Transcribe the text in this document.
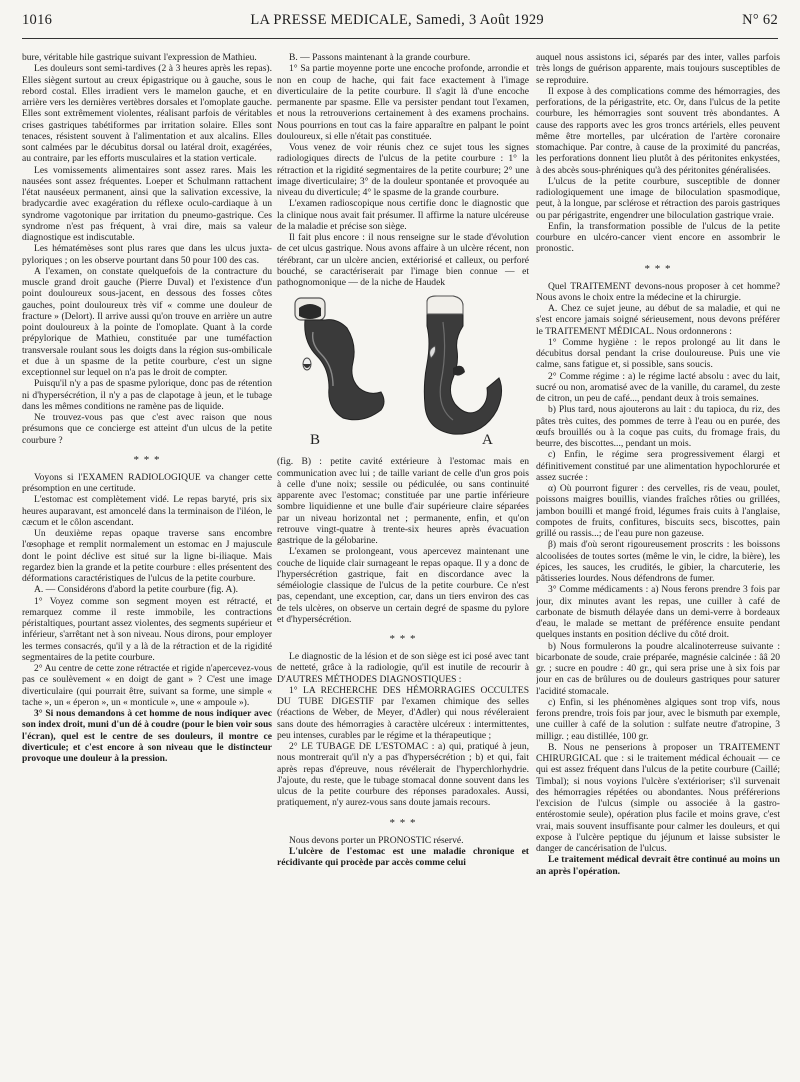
1016	LA PRESSE MEDICALE, Samedi, 3 Août 1929	N° 62

bure, véritable hile gastrique suivant l'expression de Mathieu.

Les douleurs sont semi-tardives (2 à 3 heures après les repas). Elles siègent surtout au creux épigastrique ou à gauche, sous le rebord costal. Elles irradient vers le mamelon gauche, et en arrière vers les dernières vertèbres dorsales et l'omoplate gauche. Elles sont extrêmement violentes, réalisant parfois de véritables crises gastriques tabétiformes par irritation solaire. Elles sont tenaces, résistent souvent à l'alimentation et aux alcalins. Elles sont calmées par le décubitus dorsal ou latéral droit, exagérées, au contraire, par les efforts musculaires et la station verticale.

Les vomissements alimentaires sont assez rares. Mais les nausées sont assez fréquentes. Loeper et Schulmann rattachent l'état nauséeux permanent, ainsi que la salivation excessive, la bradycardie avec exagération du réflexe oculo-cardiaque à un syndrome vagotonique par irritation du pneumo-gastrique. Ces syndrome n'est pas fréquent, à vrai dire, mais sa valeur diagnostique est indiscutable.

Les hématémèses sont plus rares que dans les ulcus juxta-pyloriques ; on les observe pourtant dans 50 pour 100 des cas.

A l'examen, on constate quelquefois de la contracture du muscle grand droit gauche (Pierre Duval) et l'existence d'un point douloureux sous-jacent, en dessous des fosses côtes gauches, point douloureux très vif « comme une douleur de fracture » (Delort). Il arrive aussi qu'on trouve en arrière un autre point douloureux à la pointe de l'omoplate. Quant à la corde prépylorique de Mathieu, constituée par une tuméfaction transversale roulant sous les doigts dans la région sus-ombilicale et due à un spasme de la petite courbure, c'est un signe exceptionnel sur lequel on n'a pas le droit de compter.

Puisqu'il n'y a pas de spasme pylorique, donc pas de rétention ni d'hypersécrétion, il n'y a pas de clapotage à jeun, et le tubage dans les mêmes conditions ne ramène pas de liquide.

Ne trouvez-vous pas que c'est avec raison que nous présumons que ce concierge est atteint d'un ulcus de la petite courbure ?

* * *

Voyons si l'EXAMEN RADIOLOGIQUE va changer cette présomption en une certitude.

L'estomac est complètement vidé. Le repas baryté, pris six heures auparavant, est amoncelé dans la terminaison de l'iléon, le cæcum et le côlon ascendant.

Un deuxième repas opaque traverse sans encombre l'œsophage et remplit normalement un estomac en J majuscule dont le point déclive est situé sur la ligne bi-iliaque. Mais regardez bien la grande et la petite courbure : elles présentent des déformations caractéristiques de l'ulcus de la petite courbure.

A. — Considérons d'abord la petite courbure (fig. A).

1° Voyez comme son segment moyen est rétracté, et remarquez comme il reste immobile, les contractions péristaltiques, pourtant assez violentes, des segments supérieur et inférieur, s'arrêtant net à son niveau. Nous dirons, pour employer les termes consacrés, qu'il y a là de la rétraction et de la rigidité segmentaires de la petite courbure.

2° Au centre de cette zone rétractée et rigide n'apercevez-vous pas ce soulèvement « en doigt de gant » ? C'est une image diverticulaire (qui pourrait être, suivant sa forme, une simple « tache », un « éperon », un « monticule », une « ampoule »).

3° Si nous demandons à cet homme de nous indiquer avec son index droit, muni d'un dé à coudre (pour le bien voir sous l'écran), quel est le centre de ses douleurs, il montre ce diverticule; et c'est encore à son niveau que le distincteur provoque une douleur à la pression.

B. — Passons maintenant à la grande courbure.

1° Sa partie moyenne porte une encoche profonde, arrondie et non en coup de hache, qui fait face exactement à l'image diverticulaire de la petite courbure. Il s'agit là d'une encoche permanente par spasme. Elle va persister pendant tout l'examen, et nous la retrouverions certainement à des examens prochains. Nous pourrions en tout cas la faire apparaître en palpant le point douloureux, si elle n'était pas constituée.

Vous venez de voir réunis chez ce sujet tous les signes radiologiques directs de l'ulcus de la petite courbure : 1° la rétraction et la rigidité segmentaires de la petite courbure; 2° une image diverticulaire; 3° de la douleur spontanée et provoquée au niveau du diverticule; 4° le spasme de la grande courbure.

L'examen radioscopique nous certifie donc le diagnostic que la clinique nous avait fait présumer. Il affirme la nature ulcéreuse de la maladie et précise son siège.

Il fait plus encore : il nous renseigne sur le stade d'évolution de cet ulcus gastrique. Nous avons affaire à un ulcère récent, non térébrant, car un ulcère ancien, extériorisé et calleux, ou perforé bouché, se caractériserait par l'image bien connue — et pathognomonique — de la niche de Haudek

B	A

(fig. B) : petite cavité extérieure à l'estomac mais en communication avec lui ; de taille variant de celle d'un gros pois à celle d'une noix; sessile ou pédiculée, ou sans continuité apparente avec l'estomac; constituée par une partie inférieure sombre liquidienne et une bulle d'air supérieure claire séparées par un niveau horizontal net ; permanente, enfin, et qu'on retrouve vingt-quatre à trente-six heures après évacuation gastrique de la gélobarine.

L'examen se prolongeant, vous apercevez maintenant une couche de liquide clair surnageant le repas opaque. Il y a donc de l'hypersécrétion gastrique, fait en discordance avec la séméiologie classique de l'ulcus de la petite courbure. Ce n'est pas, cependant, une exception, car, dans un tiers environ des cas de tels ulcères, on observe un certain degré de spasme du pylore et d'hypersécrétion.

* * *

Le diagnostic de la lésion et de son siège est ici posé avec tant de netteté, grâce à la radiologie, qu'il est inutile de recourir à D'AUTRES MÉTHODES DIAGNOSTIQUES :

1° LA RECHERCHE DES HÉMORRAGIES OCCULTES DU TUBE DIGESTIF par l'examen chimique des selles (réactions de Weber, de Meyer, d'Adler) qui nous révéleraient sans doute des hémorragies à caractère ulcéreux : intermittentes, peu intenses, curables par le régime et la thérapeutique ;

2° LE TUBAGE DE L'ESTOMAC : a) qui, pratiqué à jeun, nous montrerait qu'il n'y a pas d'hypersécrétion ; b) et qui, fait après repas d'épreuve, nous révélerait de l'hyperchlorhydrie. J'ajoute, du reste, que le tubage stomacal donne souvent dans les ulcus de la petite courbure des réponses paradoxales. Aussi, pratiquement, n'y aurez-vous sans doute jamais recours.

* * *

Nous devons porter un PRONOSTIC réservé.

L'ulcère de l'estomac est une maladie chronique et récidivante qui procède par accès comme celui

auquel nous assistons ici, séparés par des inter, valles parfois très longs de guérison apparente, mais toujours susceptibles de se reproduire.

Il expose à des complications comme des hémorragies, des perforations, de la périgastrite, etc. Or, dans l'ulcus de la petite courbure, les hémorragies sont souvent très abondantes. A cause des rapports avec les gros troncs artériels, elles peuvent même être mortelles, par ulcération de l'artère coronaire stomachique. Par contre, à cause de la proximité du pancréas, les perforations donnent lieu plutôt à des péritonites enkystées, à des abcès sous-phréniques qu'à des péritonites généralisées.

L'ulcus de la petite courbure, susceptible de donner radiologiquement une image de biloculation spasmodique, peut, à la longue, par sclérose et rétraction des parois gastriques ou par périgastrite, engendrer une biloculation gastrique vraie.

Enfin, la transformation possible de l'ulcus de la petite courbure en ulcéro-cancer vient encore en assombrir le pronostic.

* * *

Quel TRAITEMENT devons-nous proposer à cet homme? Nous avons le choix entre la médecine et la chirurgie.

A. Chez ce sujet jeune, au début de sa maladie, et qui ne s'est encore jamais soigné sérieusement, nous devons préférer le TRAITEMENT MÉDICAL. Nous ordonnerons :

1° Comme hygiène : le repos prolongé au lit dans le décubitus dorsal pendant la crise douloureuse. Puis une vie calme, sans fatigue et, si possible, sans soucis.

2° Comme régime : a) le régime lacté absolu : avec du lait, sucré ou non, aromatisé avec de la vanille, du caramel, du zeste de citron, un peu de café..., pendant deux à trois semaines.

b) Plus tard, nous ajouterons au lait : du tapioca, du riz, des pâtes très cuites, des pommes de terre à l'eau ou en purée, des œufs brouillés ou à la coque pas cuits, du fromage frais, du beurre, des biscottes..., pendant un mois.

c) Enfin, le régime sera progressivement élargi et définitivement constitué par une alimentation hypochlorurée et assez sucrée :

α) Où pourront figurer : des cervelles, ris de veau, poulet, poissons maigres bouillis, viandes fraîches rôties ou grillées, jambon bouilli et mangé froid, légumes frais cuits à l'anglaise, compotes de fruits, confitures, biscuits secs, biscottes, pain grillé ou rassis...; de l'eau pure non gazeuse.

β) mais d'où seront rigoureusement proscrits : les boissons alcoolisées de toutes sortes (même le vin, le cidre, la bière), les épices, les sauces, les crudités, le gibier, la charcuterie, les pâtisseries lourdes. Nous défendrons de fumer.

3° Comme médicaments : a) Nous ferons prendre 3 fois par jour, dix minutes avant les repas, une cuiller à café de carbonate de bismuth délayée dans un demi-verre à bordeaux d'eau, le malade se mettant de préférence ensuite pendant quelques instants en position déclive du côté droit.

b) Nous formulerons la poudre alcalinoterreuse suivante : bicarbonate de soude, craie préparée, magnésie calcinée : ââ 20 gr. ; sucre en poudre : 40 gr., qui sera prise une à six fois par jour en cas de brûlures ou de douleurs gastriques pour saturer l'acidité stomacale.

c) Enfin, si les phénomènes algiques sont trop vifs, nous ferons prendre, trois fois par jour, avec le bismuth par exemple, une cuiller à café de la solution : sulfate neutre d'atropine, 3 milligr. ; eau distillée, 100 gr.

B. Nous ne penserions à proposer un TRAITEMENT CHIRURGICAL que : si le traitement médical échouait — ce qui est assez fréquent dans l'ulcus de la petite courbure (Caillé; Timbal); si nous voyions l'ulcère s'extérioriser; s'il survenait des hémorragies répétées ou abondantes. Nous préférerions l'excision de l'ulcus (simple ou associée à la gastro-entérostomie seule), opération plus facile et moins grave, c'est vrai, mais souvent insuffisante pour calmer les douleurs, et qui expose à l'ulcère peptique du jéjunum et laisse subsister le danger de cancérisation de l'ulcus.

Le traitement médical devrait être continué au moins un an après l'opération.
